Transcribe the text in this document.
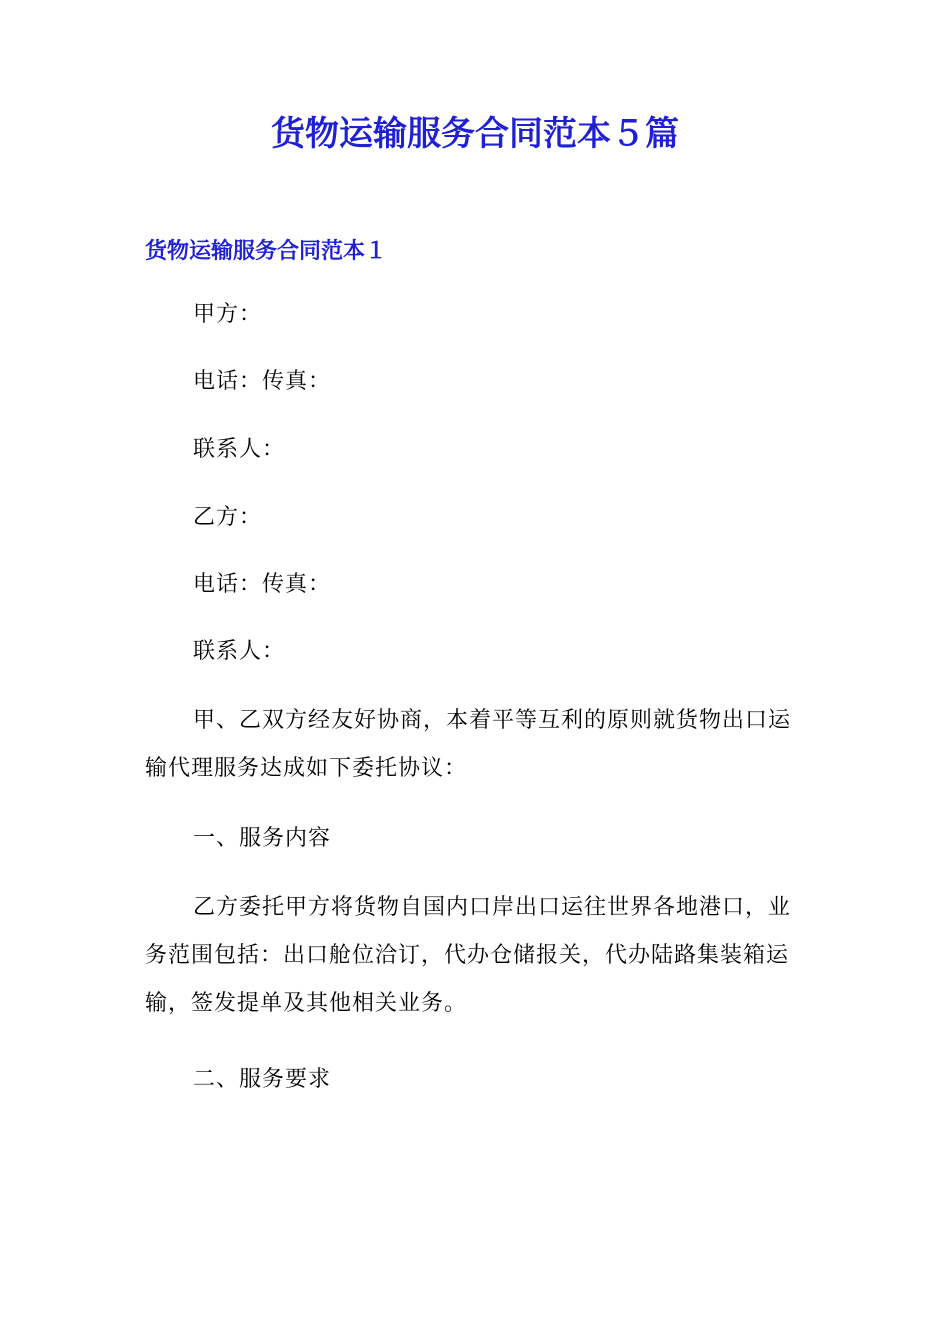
货物运输服务合同范本５篇
货物运输服务合同范本１

甲方：

电话：传真：

联系人：

乙方：

电话：传真：

联系人：

甲、乙双方经友好协商，本着平等互利的原则就货物出口运输代理服务达成如下委托协议：

一、服务内容

乙方委托甲方将货物自国内口岸出口运往世界各地港口，业务范围包括：出口舱位洽订，代办仓储报关，代办陆路集装箱运输，签发提单及其他相关业务。

二、服务要求
